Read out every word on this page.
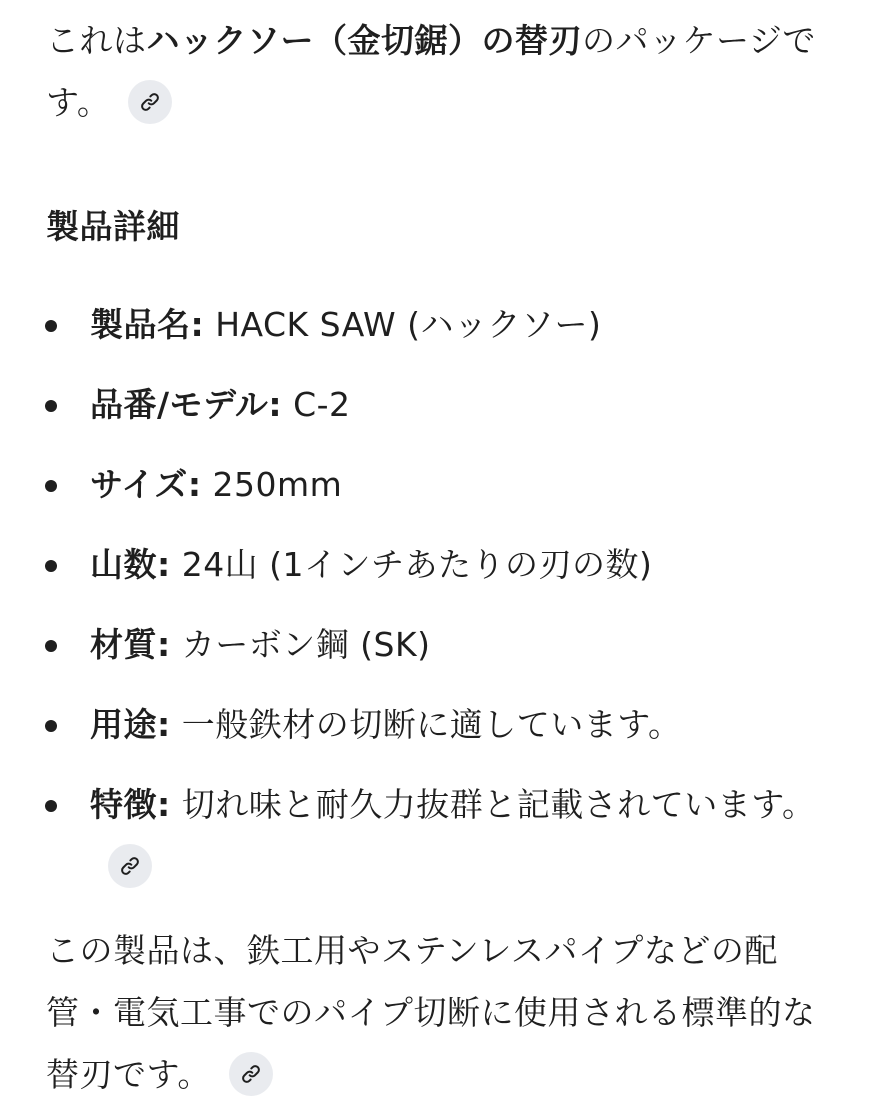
これはハックソー（金切鋸）の替刃のパッケージです。

製品詳細
製品名: HACK SAW (ハックソー)
品番/モデル: C-2
サイズ: 250mm
山数: 24山 (1インチあたりの刃の数)
材質: カーボン鋼 (SK)
用途: 一般鉄材の切断に適しています。
特徴: 切れ味と耐久力抜群と記載されています。

この製品は、鉄工用やステンレスパイプなどの配管・電気工事でのパイプ切断に使用される標準的な替刃です。
